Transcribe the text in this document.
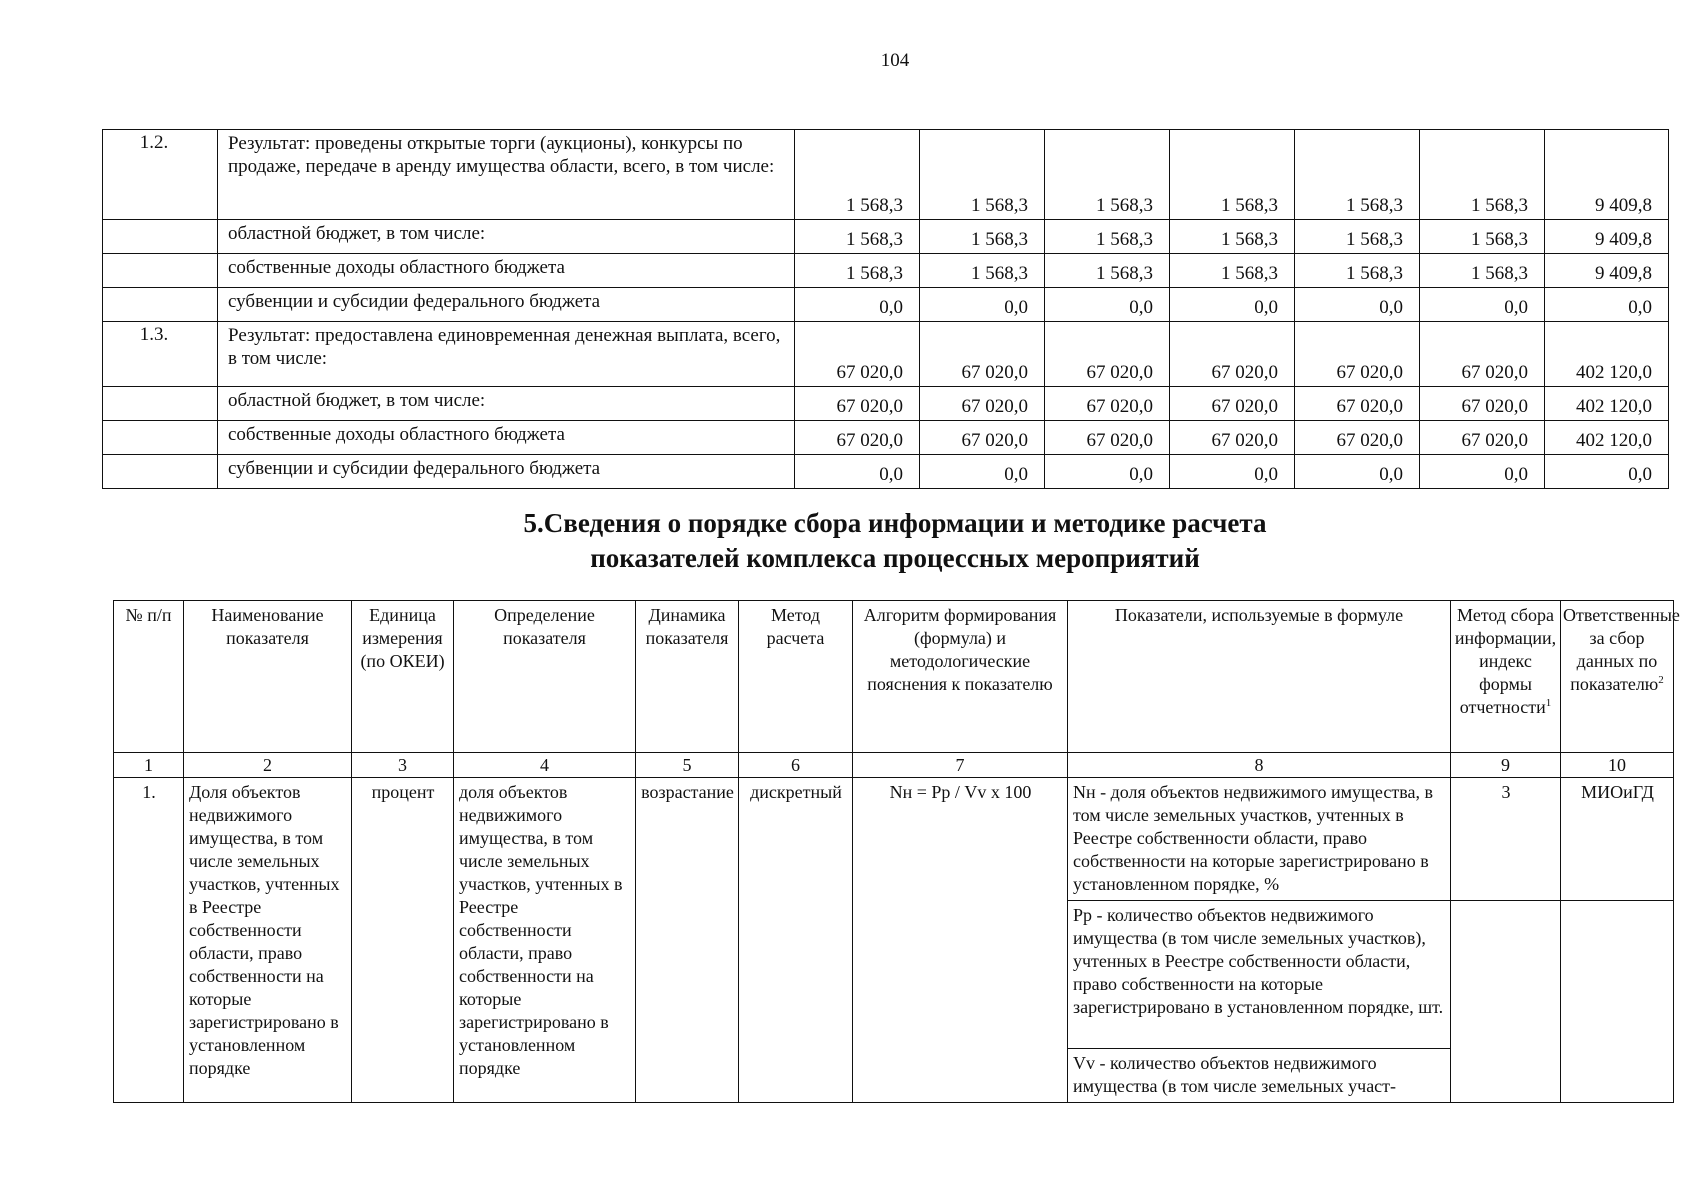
104
1.2.	Результат: проведены открытые торги (аукционы), конкурсы по продаже, передаче в аренду имущества области, всего, в том числе:	1 568,3	1 568,3	1 568,3	1 568,3	1 568,3	1 568,3	9 409,8
	областной бюджет, в том числе:	1 568,3	1 568,3	1 568,3	1 568,3	1 568,3	1 568,3	9 409,8
	собственные доходы областного бюджета	1 568,3	1 568,3	1 568,3	1 568,3	1 568,3	1 568,3	9 409,8
	субвенции и субсидии федерального бюджета	0,0	0,0	0,0	0,0	0,0	0,0	0,0
1.3.	Результат: предоставлена единовременная денежная выплата, всего, в том числе:	67 020,0	67 020,0	67 020,0	67 020,0	67 020,0	67 020,0	402 120,0
	областной бюджет, в том числе:	67 020,0	67 020,0	67 020,0	67 020,0	67 020,0	67 020,0	402 120,0
	собственные доходы областного бюджета	67 020,0	67 020,0	67 020,0	67 020,0	67 020,0	67 020,0	402 120,0
	субвенции и субсидии федерального бюджета	0,0	0,0	0,0	0,0	0,0	0,0	0,0
5.Сведения о порядке сбора информации и методике расчета
показателей комплекса процессных мероприятий
№ п/п	Наименование показателя	Единица измерения (по ОКЕИ)	Определение показателя	Динамика показателя	Метод расчета	Алгоритм формирования (формула) и методологические пояснения к показателю	Показатели, используемые в формуле	Метод сбора информации, индекс формы отчетности$^1$	Ответственные за сбор данных по показателю$^2$
1	2	3	4	5	6	7	8	9	10
1.	Доля объектов недвижимого имущества, в том числе земельных участков, учтенных в Реестре собственности области, право собственности на которые зарегистрировано в установленном порядке	процент	доля объектов недвижимого имущества, в том числе земельных участков, учтенных в Реестре собственности области, право собственности на которые зарегистрировано в установленном порядке	возрастание	дискретный	Nн = Pр / Vv x 100	Nн - доля объектов недвижимого имущества, в том числе земельных участков, учтенных в Реестре собственности области, право собственности на которые зарегистрировано в установленном порядке, %	3	МИОиГД
							Pр - количество объектов недвижимого имущества (в том числе земельных участков), учтенных в Реестре собственности области, право собственности на которые зарегистрировано в установленном порядке, шт.		
							Vv - количество объектов недвижимого имущества (в том числе земельных участ-		
